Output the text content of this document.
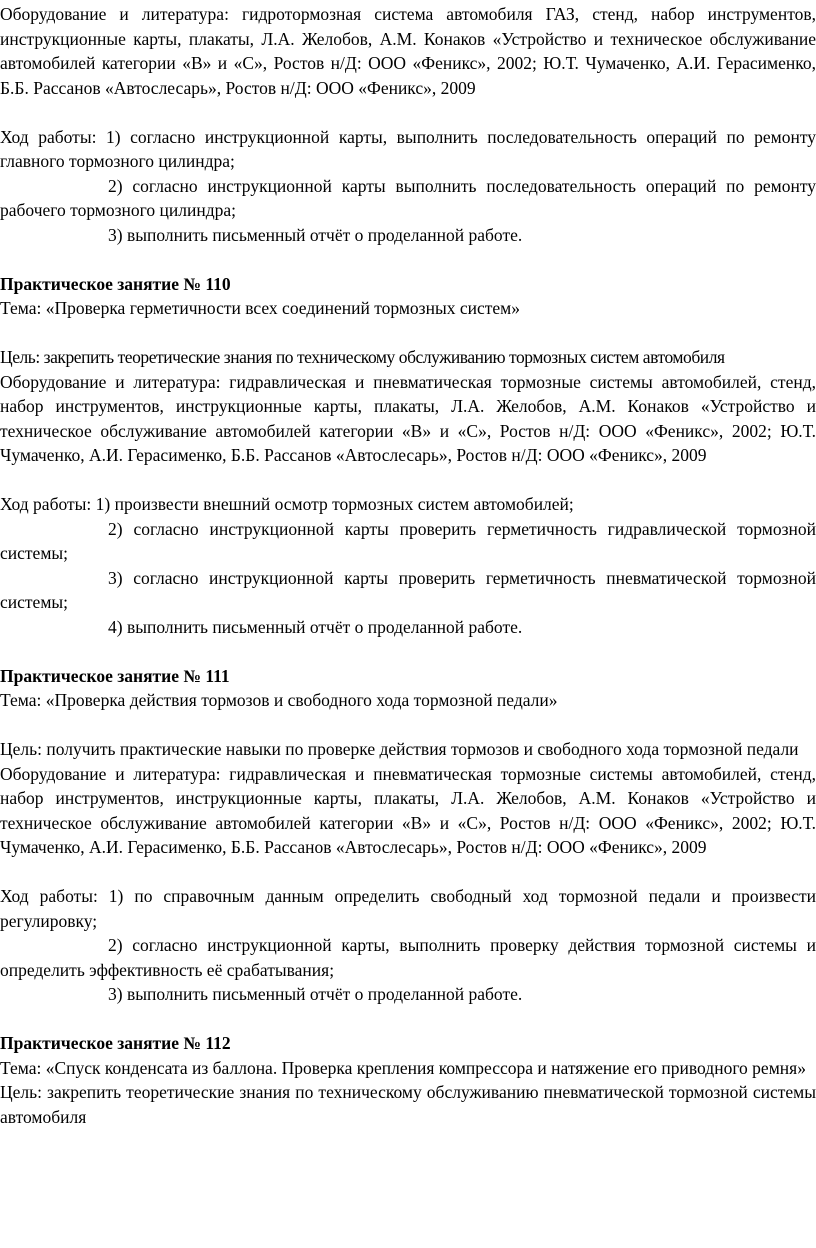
Оборудование и литература: гидротормозная система автомобиля ГАЗ, стенд, набор инструментов, инструкционные карты, плакаты, Л.А. Желобов, А.М. Конаков «Устройство и техническое обслуживание автомобилей категории «В» и «С», Ростов н/Д: ООО «Феникс», 2002; Ю.Т. Чумаченко, А.И. Герасименко, Б.Б. Рассанов «Автослесарь», Ростов н/Д: ООО «Феникс», 2009

Ход работы: 1) согласно инструкционной карты, выполнить последовательность операций по ремонту главного тормозного цилиндра;

2) согласно инструкционной карты выполнить последовательность операций по ремонту рабочего тормозного цилиндра;

3) выполнить письменный отчёт о проделанной работе.

Практическое занятие № 110

Тема: «Проверка герметичности всех соединений тормозных систем»

Цель: закрепить теоретические знания по техническому обслуживанию тормозных систем автомобиля

Оборудование и литература: гидравлическая и пневматическая тормозные системы автомобилей, стенд, набор инструментов, инструкционные карты, плакаты, Л.А. Желобов, А.М. Конаков «Устройство и техническое обслуживание автомобилей категории «В» и «С», Ростов н/Д: ООО «Феникс», 2002; Ю.Т. Чумаченко, А.И. Герасименко, Б.Б. Рассанов «Автослесарь», Ростов н/Д: ООО «Феникс», 2009

Ход работы: 1) произвести внешний осмотр тормозных систем автомобилей;

2) согласно инструкционной карты проверить герметичность гидравлической тормозной системы;

3) согласно инструкционной карты проверить герметичность пневматической тормозной системы;

4) выполнить письменный отчёт о проделанной работе.

Практическое занятие № 111

Тема: «Проверка действия тормозов и свободного хода тормозной педали»

Цель: получить практические навыки по проверке действия тормозов и свободного хода тормозной педали

Оборудование и литература: гидравлическая и пневматическая тормозные системы автомобилей, стенд, набор инструментов, инструкционные карты, плакаты, Л.А. Желобов, А.М. Конаков «Устройство и техническое обслуживание автомобилей категории «В» и «С», Ростов н/Д: ООО «Феникс», 2002; Ю.Т. Чумаченко, А.И. Герасименко, Б.Б. Рассанов «Автослесарь», Ростов н/Д: ООО «Феникс», 2009

Ход работы: 1) по справочным данным определить свободный ход тормозной педали и произвести регулировку;

2) согласно инструкционной карты, выполнить проверку действия тормозной системы и определить эффективность её срабатывания;

3) выполнить письменный отчёт о проделанной работе.

Практическое занятие № 112

Тема: «Спуск конденсата из баллона. Проверка крепления компрессора и натяжение его приводного ремня»

Цель: закрепить теоретические знания по техническому обслуживанию пневматической тормозной системы автомобиля
